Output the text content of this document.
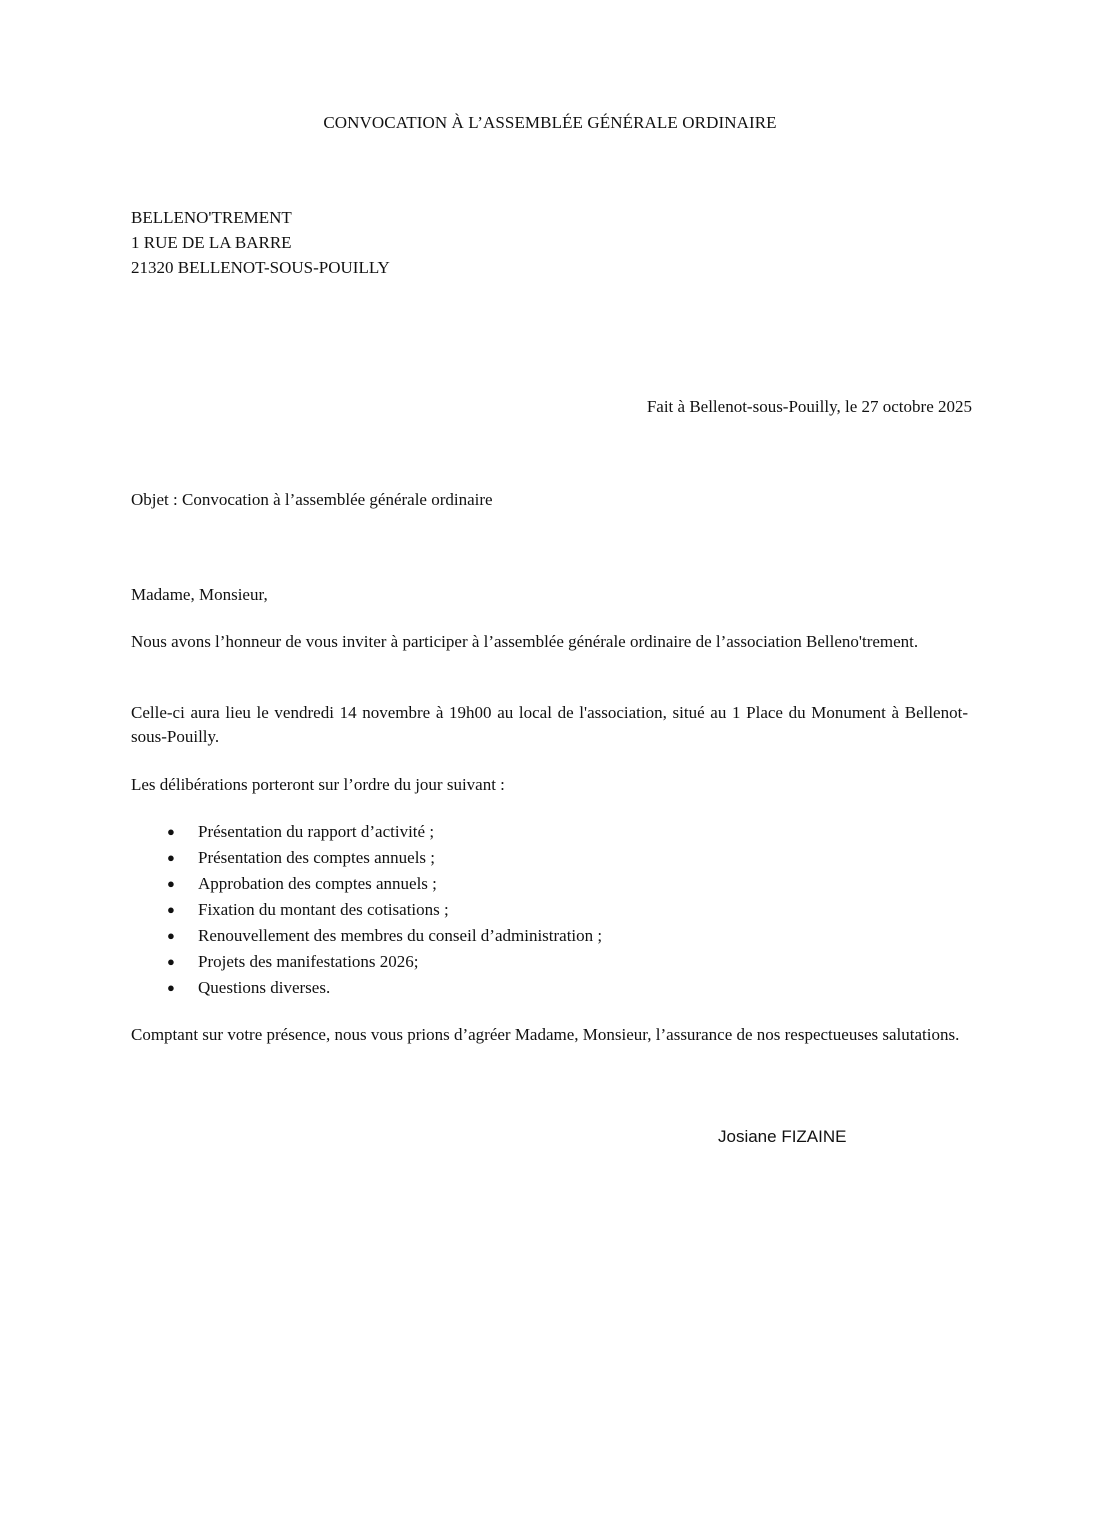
CONVOCATION À L’ASSEMBLÉE GÉNÉRALE ORDINAIRE
BELLENO'TREMENT
1 RUE DE LA BARRE
21320 BELLENOT-SOUS-POUILLY
Fait à Bellenot-sous-Pouilly, le 27 octobre 2025
Objet : Convocation à l’assemblée générale ordinaire
Madame, Monsieur,
Nous avons l’honneur de vous inviter à participer à l’assemblée générale ordinaire de l’association Belleno'trement.
Celle-ci aura lieu le vendredi 14 novembre à 19h00 au local de l'association, situé au 1 Place du Monument à Bellenot-sous-Pouilly.
Les délibérations porteront sur l’ordre du jour suivant :
● Présentation du rapport d’activité ;
● Présentation des comptes annuels ;
● Approbation des comptes annuels ;
● Fixation du montant des cotisations ;
● Renouvellement des membres du conseil d’administration ;
● Projets des manifestations 2026;
● Questions diverses.
Comptant sur votre présence, nous vous prions d’agréer Madame, Monsieur, l’assurance de nos respectueuses salutations.
Josiane FIZAINE
